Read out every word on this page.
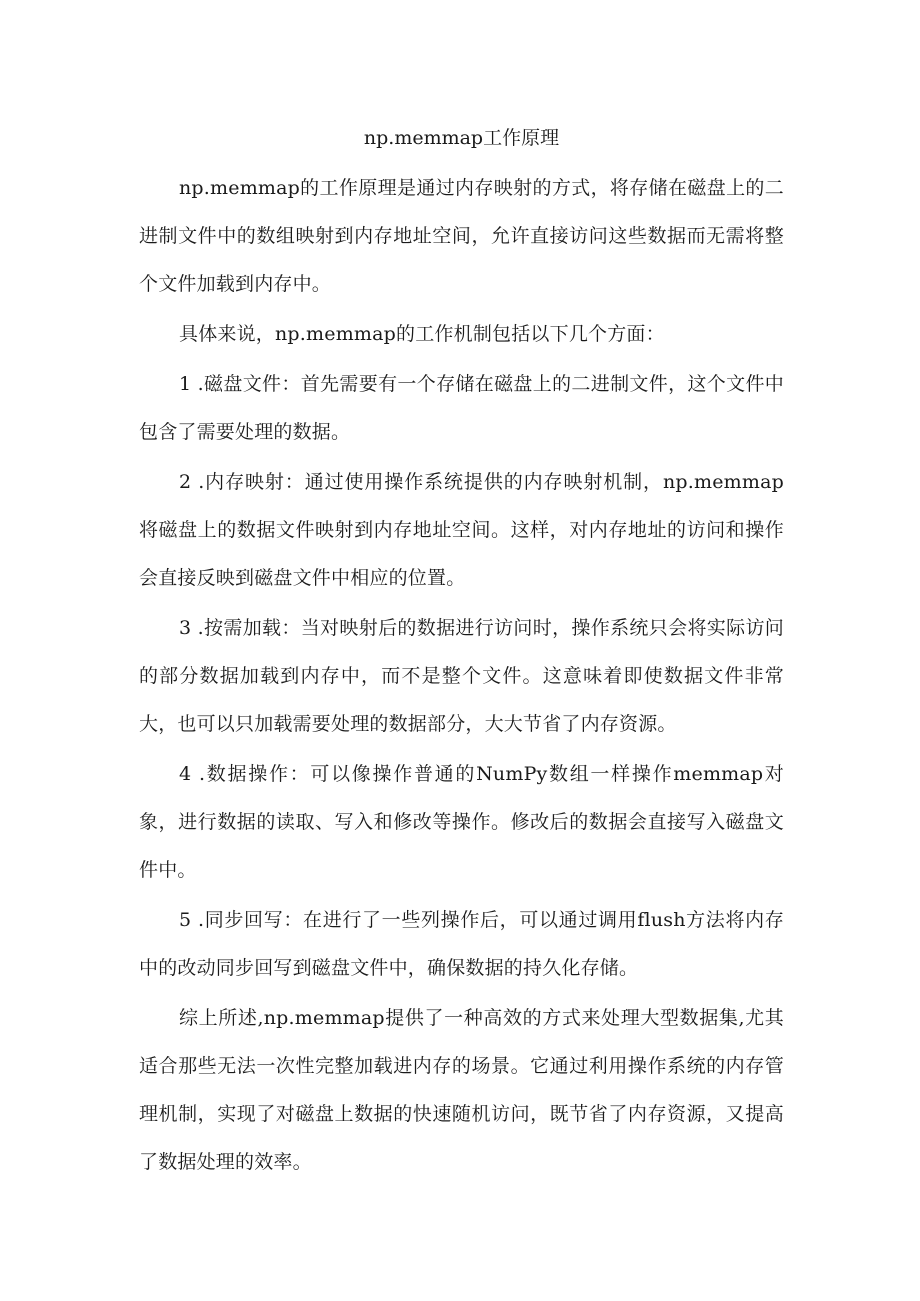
np.memmap工作原理

np.memmap的工作原理是通过内存映射的方式，将存储在磁盘上的二进制文件中的数组映射到内存地址空间，允许直接访问这些数据而无需将整个文件加载到内存中。

具体来说，np.memmap的工作机制包括以下几个方面：

1 .磁盘文件：首先需要有一个存储在磁盘上的二进制文件，这个文件中包含了需要处理的数据。

2 .内存映射：通过使用操作系统提供的内存映射机制，np.memmap将磁盘上的数据文件映射到内存地址空间。这样，对内存地址的访问和操作会直接反映到磁盘文件中相应的位置。

3 .按需加载：当对映射后的数据进行访问时，操作系统只会将实际访问的部分数据加载到内存中，而不是整个文件。这意味着即使数据文件非常大，也可以只加载需要处理的数据部分，大大节省了内存资源。

4 .数据操作：可以像操作普通的NumPy数组一样操作memmap对象，进行数据的读取、写入和修改等操作。修改后的数据会直接写入磁盘文件中。

5 .同步回写：在进行了一些列操作后，可以通过调用flush方法将内存中的改动同步回写到磁盘文件中，确保数据的持久化存储。

综上所述,np.memmap提供了一种高效的方式来处理大型数据集,尤其适合那些无法一次性完整加载进内存的场景。它通过利用操作系统的内存管理机制，实现了对磁盘上数据的快速随机访问，既节省了内存资源，又提高了数据处理的效率。
